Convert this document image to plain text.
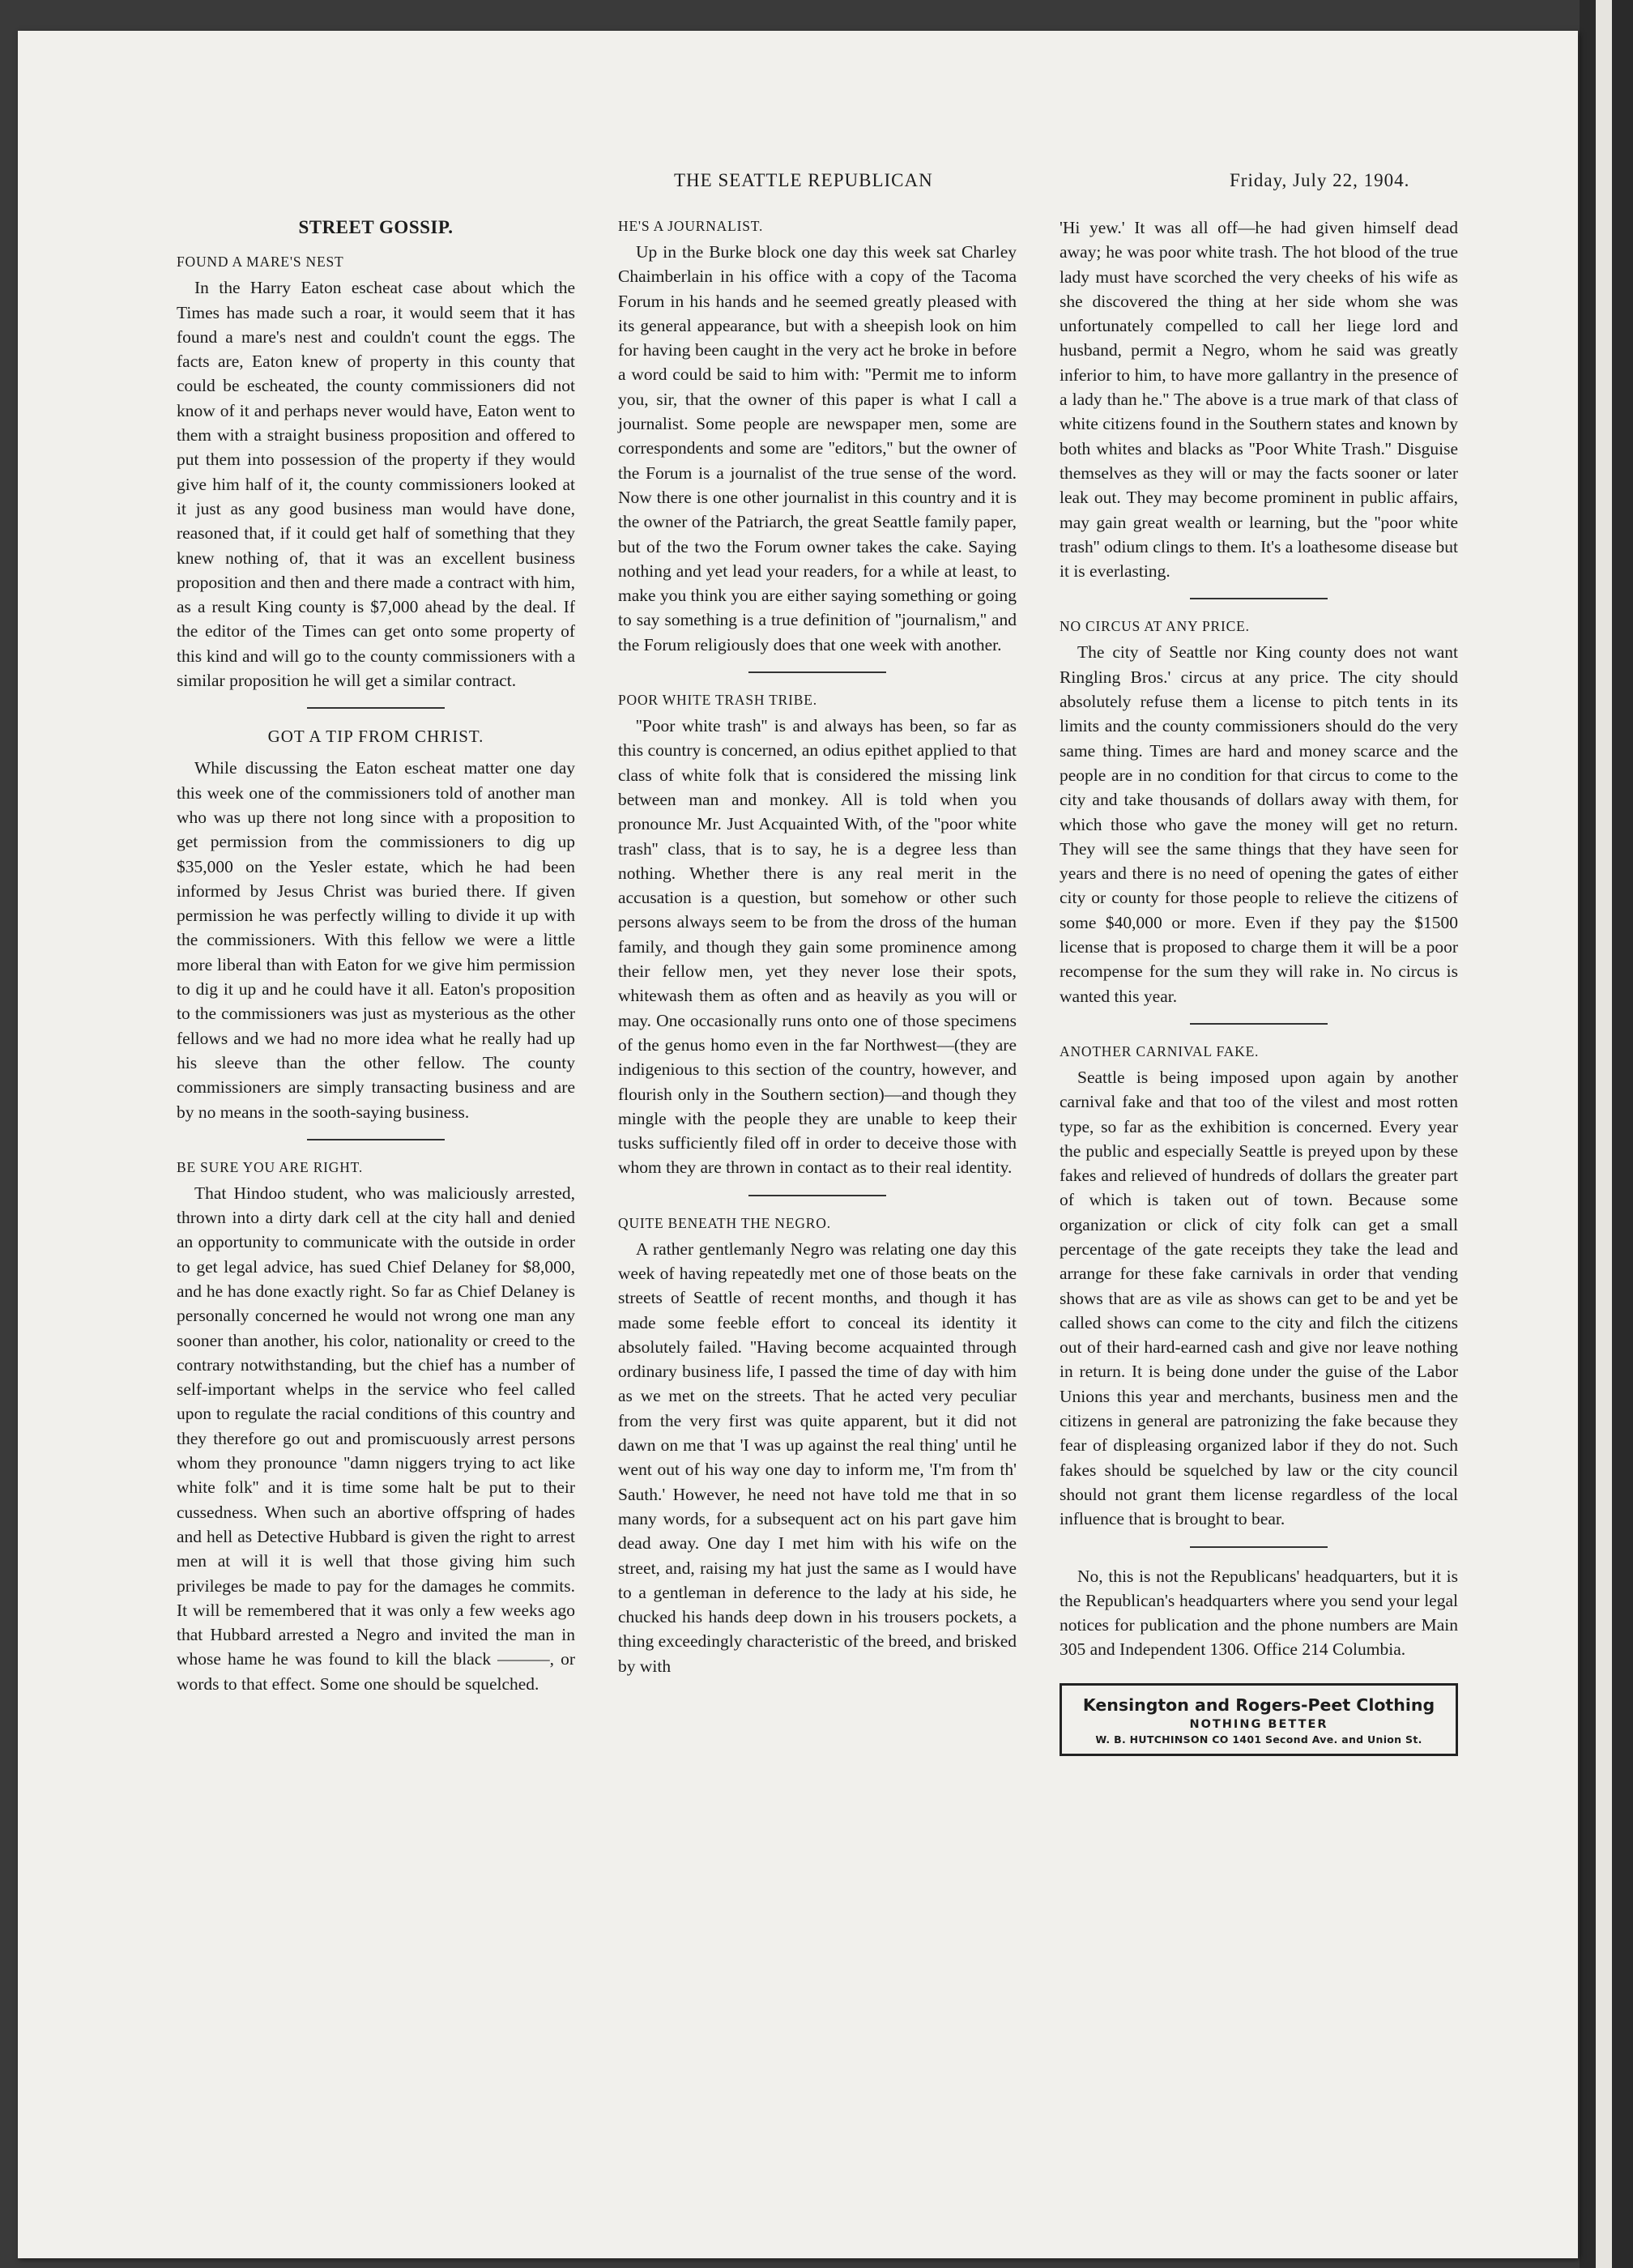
THE SEATTLE REPUBLICAN	Friday, July 22, 1904.
STREET GOSSIP.
FOUND A MARE'S NEST

In the Harry Eaton escheat case about which the Times has made such a roar, it would seem that it has found a mare's nest and couldn't count the eggs. The facts are, Eaton knew of property in this county that could be escheated, the county commissioners did not know of it and perhaps never would have, Eaton went to them with a straight business proposition and offered to put them into possession of the property if they would give him half of it, the county commissioners looked at it just as any good business man would have done, reasoned that, if it could get half of something that they knew nothing of, that it was an excellent business proposition and then and there made a contract with him, as a result King county is $7,000 ahead by the deal. If the editor of the Times can get onto some property of this kind and will go to the county commissioners with a similar proposition he will get a similar contract.

GOT A TIP FROM CHRIST.

While discussing the Eaton escheat matter one day this week one of the commissioners told of another man who was up there not long since with a proposition to get permission from the commissioners to dig up $35,000 on the Yesler estate, which he had been informed by Jesus Christ was buried there. If given permission he was perfectly willing to divide it up with the commissioners. With this fellow we were a little more liberal than with Eaton for we give him permission to dig it up and he could have it all. Eaton's proposition to the commissioners was just as mysterious as the other fellows and we had no more idea what he really had up his sleeve than the other fellow. The county commissioners are simply transacting business and are by no means in the sooth-saying business.

BE SURE YOU ARE RIGHT.

That Hindoo student, who was maliciously arrested, thrown into a dirty dark cell at the city hall and denied an opportunity to communicate with the outside in order to get legal advice, has sued Chief Delaney for $8,000, and he has done exactly right. So far as Chief Delaney is personally concerned he would not wrong one man any sooner than another, his color, nationality or creed to the contrary notwithstanding, but the chief has a number of self-important whelps in the service who feel called upon to regulate the racial conditions of this country and they therefore go out and promiscuously arrest persons whom they pronounce ''damn niggers trying to act like white folk'' and it is time some halt be put to their cussedness. When such an abortive offspring of hades and hell as Detective Hubbard is given the right to arrest men at will it is well that those giving him such privileges be made to pay for the damages he commits. It will be remembered that it was only a few weeks ago that Hubbard arrested a Negro and invited the man in whose hame he was found to kill the black ———, or words to that effect. Some one should be squelched.

HE'S A JOURNALIST.

Up in the Burke block one day this week sat Charley Chaimberlain in his office with a copy of the Tacoma Forum in his hands and he seemed greatly pleased with its general appearance, but with a sheepish look on him for having been caught in the very act he broke in before a word could be said to him with: ''Permit me to inform you, sir, that the owner of this paper is what I call a journalist. Some people are newspaper men, some are correspondents and some are ''editors,'' but the owner of the Forum is a journalist of the true sense of the word. Now there is one other journalist in this country and it is the owner of the Patriarch, the great Seattle family paper, but of the two the Forum owner takes the cake. Saying nothing and yet lead your readers, for a while at least, to make you think you are either saying something or going to say something is a true definition of ''journalism,'' and the Forum religiously does that one week with another.

POOR WHITE TRASH TRIBE.

''Poor white trash'' is and always has been, so far as this country is concerned, an odius epithet applied to that class of white folk that is considered the missing link between man and monkey. All is told when you pronounce Mr. Just Acquainted With, of the ''poor white trash'' class, that is to say, he is a degree less than nothing. Whether there is any real merit in the accusation is a question, but somehow or other such persons always seem to be from the dross of the human family, and though they gain some prominence among their fellow men, yet they never lose their spots, whitewash them as often and as heavily as you will or may. One occasionally runs onto one of those specimens of the genus homo even in the far Northwest—(they are indigenious to this section of the country, however, and flourish only in the Southern section)—and though they mingle with the people they are unable to keep their tusks sufficiently filed off in order to deceive those with whom they are thrown in contact as to their real identity.

QUITE BENEATH THE NEGRO.

A rather gentlemanly Negro was relating one day this week of having repeatedly met one of those beats on the streets of Seattle of recent months, and though it has made some feeble effort to conceal its identity it absolutely failed. ''Having become acquainted through ordinary business life, I passed the time of day with him as we met on the streets. That he acted very peculiar from the very first was quite apparent, but it did not dawn on me that 'I was up against the real thing' until he went out of his way one day to inform me, 'I'm from th' Sauth.' However, he need not have told me that in so many words, for a subsequent act on his part gave him dead away. One day I met him with his wife on the street, and, raising my hat just the same as I would have to a gentleman in deference to the lady at his side, he chucked his hands deep down in his trousers pockets, a thing exceedingly characteristic of the breed, and brisked by with

'Hi yew.' It was all off—he had given himself dead away; he was poor white trash. The hot blood of the true lady must have scorched the very cheeks of his wife as she discovered the thing at her side whom she was unfortunately compelled to call her liege lord and husband, permit a Negro, whom he said was greatly inferior to him, to have more gallantry in the presence of a lady than he.'' The above is a true mark of that class of white citizens found in the Southern states and known by both whites and blacks as ''Poor White Trash.'' Disguise themselves as they will or may the facts sooner or later leak out. They may become prominent in public affairs, may gain great wealth or learning, but the ''poor white trash'' odium clings to them. It's a loathesome disease but it is everlasting.

NO CIRCUS AT ANY PRICE.

The city of Seattle nor King county does not want Ringling Bros.' circus at any price. The city should absolutely refuse them a license to pitch tents in its limits and the county commissioners should do the very same thing. Times are hard and money scarce and the people are in no condition for that circus to come to the city and take thousands of dollars away with them, for which those who gave the money will get no return. They will see the same things that they have seen for years and there is no need of opening the gates of either city or county for those people to relieve the citizens of some $40,000 or more. Even if they pay the $1500 license that is proposed to charge them it will be a poor recompense for the sum they will rake in. No circus is wanted this year.

ANOTHER CARNIVAL FAKE.

Seattle is being imposed upon again by another carnival fake and that too of the vilest and most rotten type, so far as the exhibition is concerned. Every year the public and especially Seattle is preyed upon by these fakes and relieved of hundreds of dollars the greater part of which is taken out of town. Because some organization or click of city folk can get a small percentage of the gate receipts they take the lead and arrange for these fake carnivals in order that vending shows that are as vile as shows can get to be and yet be called shows can come to the city and filch the citizens out of their hard-earned cash and give nor leave nothing in return. It is being done under the guise of the Labor Unions this year and merchants, business men and the citizens in general are patronizing the fake because they fear of displeasing organized labor if they do not. Such fakes should be squelched by law or the city council should not grant them license regardless of the local influence that is brought to bear.

No, this is not the Republicans' headquarters, but it is the Republican's headquarters where you send your legal notices for publication and the phone numbers are Main 305 and Independent 1306. Office 214 Columbia.

Kensington and Rogers-Peet Clothing
NOTHING BETTER
W. B. HUTCHINSON CO 1401 Second Ave. and Union St.
